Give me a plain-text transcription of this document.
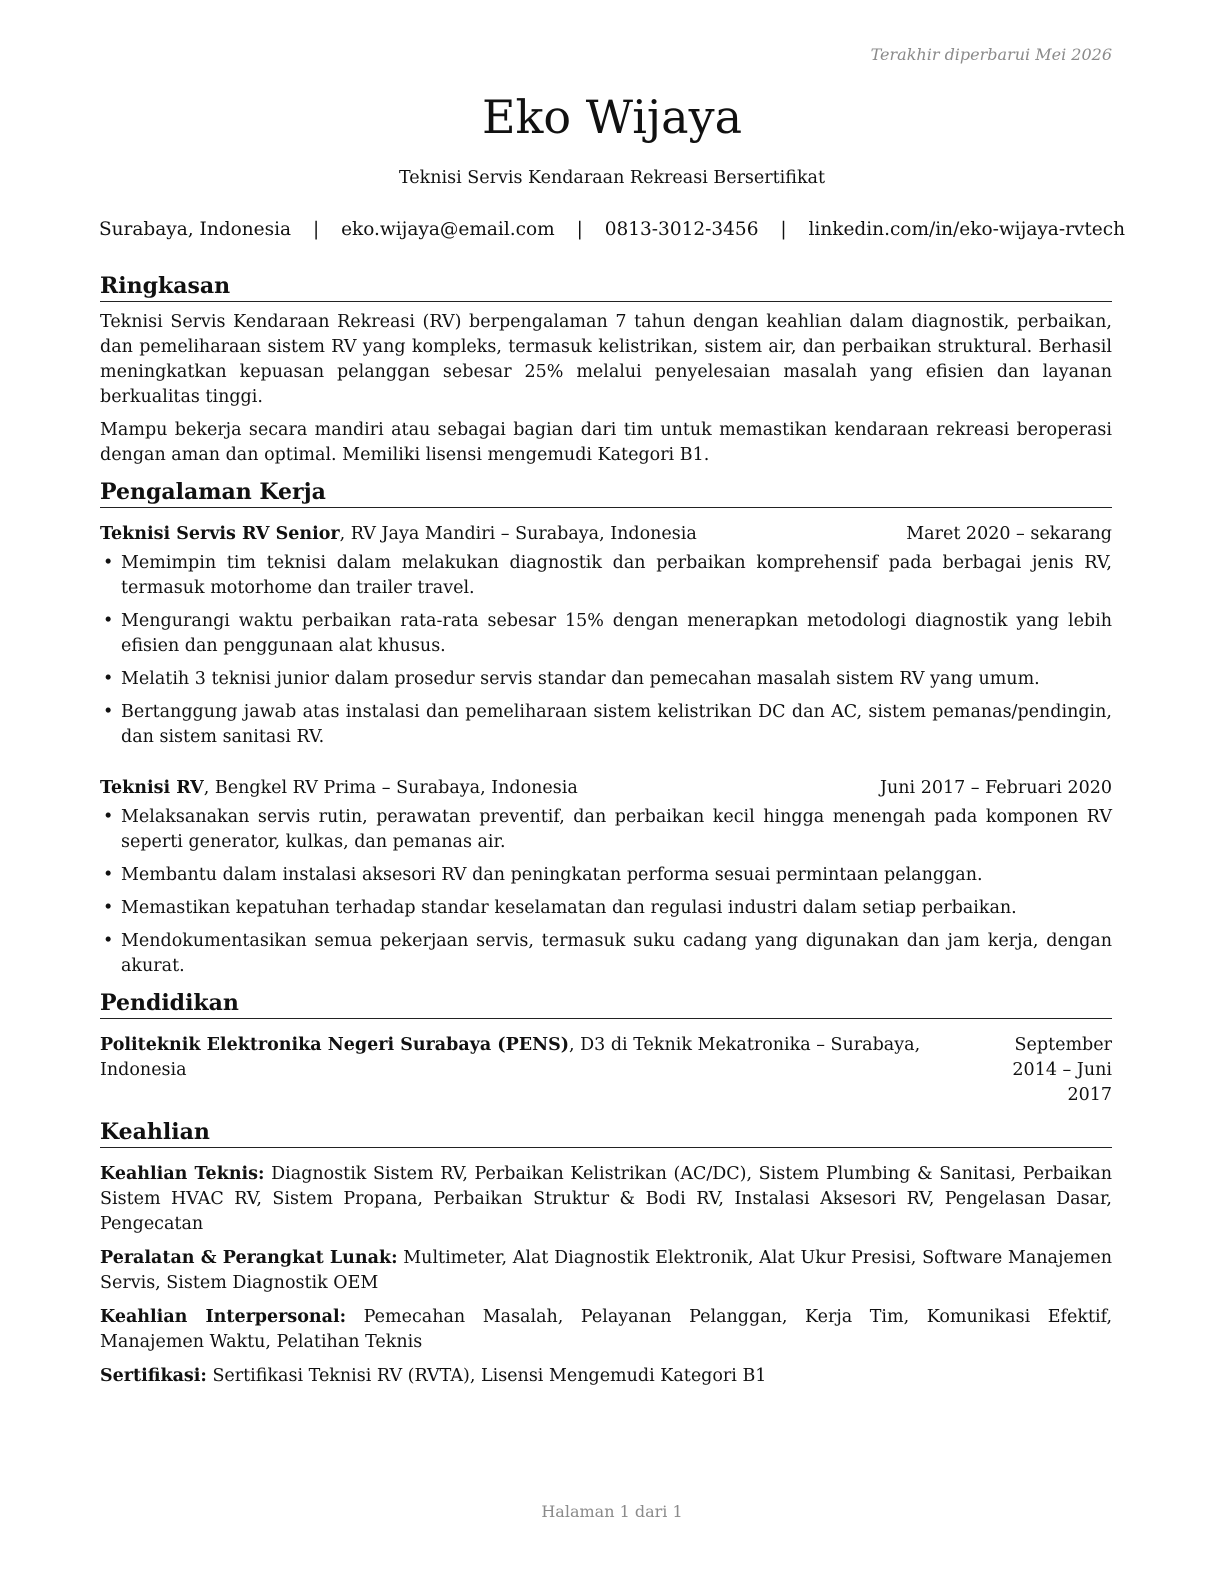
Terakhir diperbarui Mei 2026
Eko Wijaya
Teknisi Servis Kendaraan Rekreasi Bersertifikat
Surabaya, Indonesia | eko.wijaya@email.com | 0813-3012-3456 | linkedin.com/in/eko-wijaya-rvtech
Ringkasan

Teknisi Servis Kendaraan Rekreasi (RV) berpengalaman 7 tahun dengan keahlian dalam diagnostik, perbaikan, dan pemeliharaan sistem RV yang kompleks, termasuk kelistrikan, sistem air, dan perbaikan struktural. Berhasil meningkatkan kepuasan pelanggan sebesar 25% melalui penyelesaian masalah yang efisien dan layanan berkualitas tinggi.

Mampu bekerja secara mandiri atau sebagai bagian dari tim untuk memastikan kendaraan rekreasi beroperasi dengan aman dan optimal. Memiliki lisensi mengemudi Kategori B1.

Pengalaman Kerja
Teknisi Servis RV Senior, RV Jaya Mandiri – Surabaya, Indonesia	Maret 2020 – sekarang
• Memimpin tim teknisi dalam melakukan diagnostik dan perbaikan komprehensif pada berbagai jenis RV, termasuk motorhome dan trailer travel.
• Mengurangi waktu perbaikan rata-rata sebesar 15% dengan menerapkan metodologi diagnostik yang lebih efisien dan penggunaan alat khusus.
• Melatih 3 teknisi junior dalam prosedur servis standar dan pemecahan masalah sistem RV yang umum.
• Bertanggung jawab atas instalasi dan pemeliharaan sistem kelistrikan DC dan AC, sistem pemanas/pendingin, dan sistem sanitasi RV.
Teknisi RV, Bengkel RV Prima – Surabaya, Indonesia	Juni 2017 – Februari 2020
• Melaksanakan servis rutin, perawatan preventif, dan perbaikan kecil hingga menengah pada komponen RV seperti generator, kulkas, dan pemanas air.
• Membantu dalam instalasi aksesori RV dan peningkatan performa sesuai permintaan pelanggan.
• Memastikan kepatuhan terhadap standar keselamatan dan regulasi industri dalam setiap perbaikan.
• Mendokumentasikan semua pekerjaan servis, termasuk suku cadang yang digunakan dan jam kerja, dengan akurat.
Pendidikan
Politeknik Elektronika Negeri Surabaya (PENS), D3 di Teknik Mekatronika – Surabaya, Indonesia
September 2014 – Juni 2017
Keahlian
Keahlian Teknis: Diagnostik Sistem RV, Perbaikan Kelistrikan (AC/DC), Sistem Plumbing & Sanitasi, Perbaikan Sistem HVAC RV, Sistem Propana, Perbaikan Struktur & Bodi RV, Instalasi Aksesori RV, Pengelasan Dasar, Pengecatan
Peralatan & Perangkat Lunak: Multimeter, Alat Diagnostik Elektronik, Alat Ukur Presisi, Software Manajemen Servis, Sistem Diagnostik OEM
Keahlian Interpersonal: Pemecahan Masalah, Pelayanan Pelanggan, Kerja Tim, Komunikasi Efektif, Manajemen Waktu, Pelatihan Teknis
Sertifikasi: Sertifikasi Teknisi RV (RVTA), Lisensi Mengemudi Kategori B1
Halaman 1 dari 1
